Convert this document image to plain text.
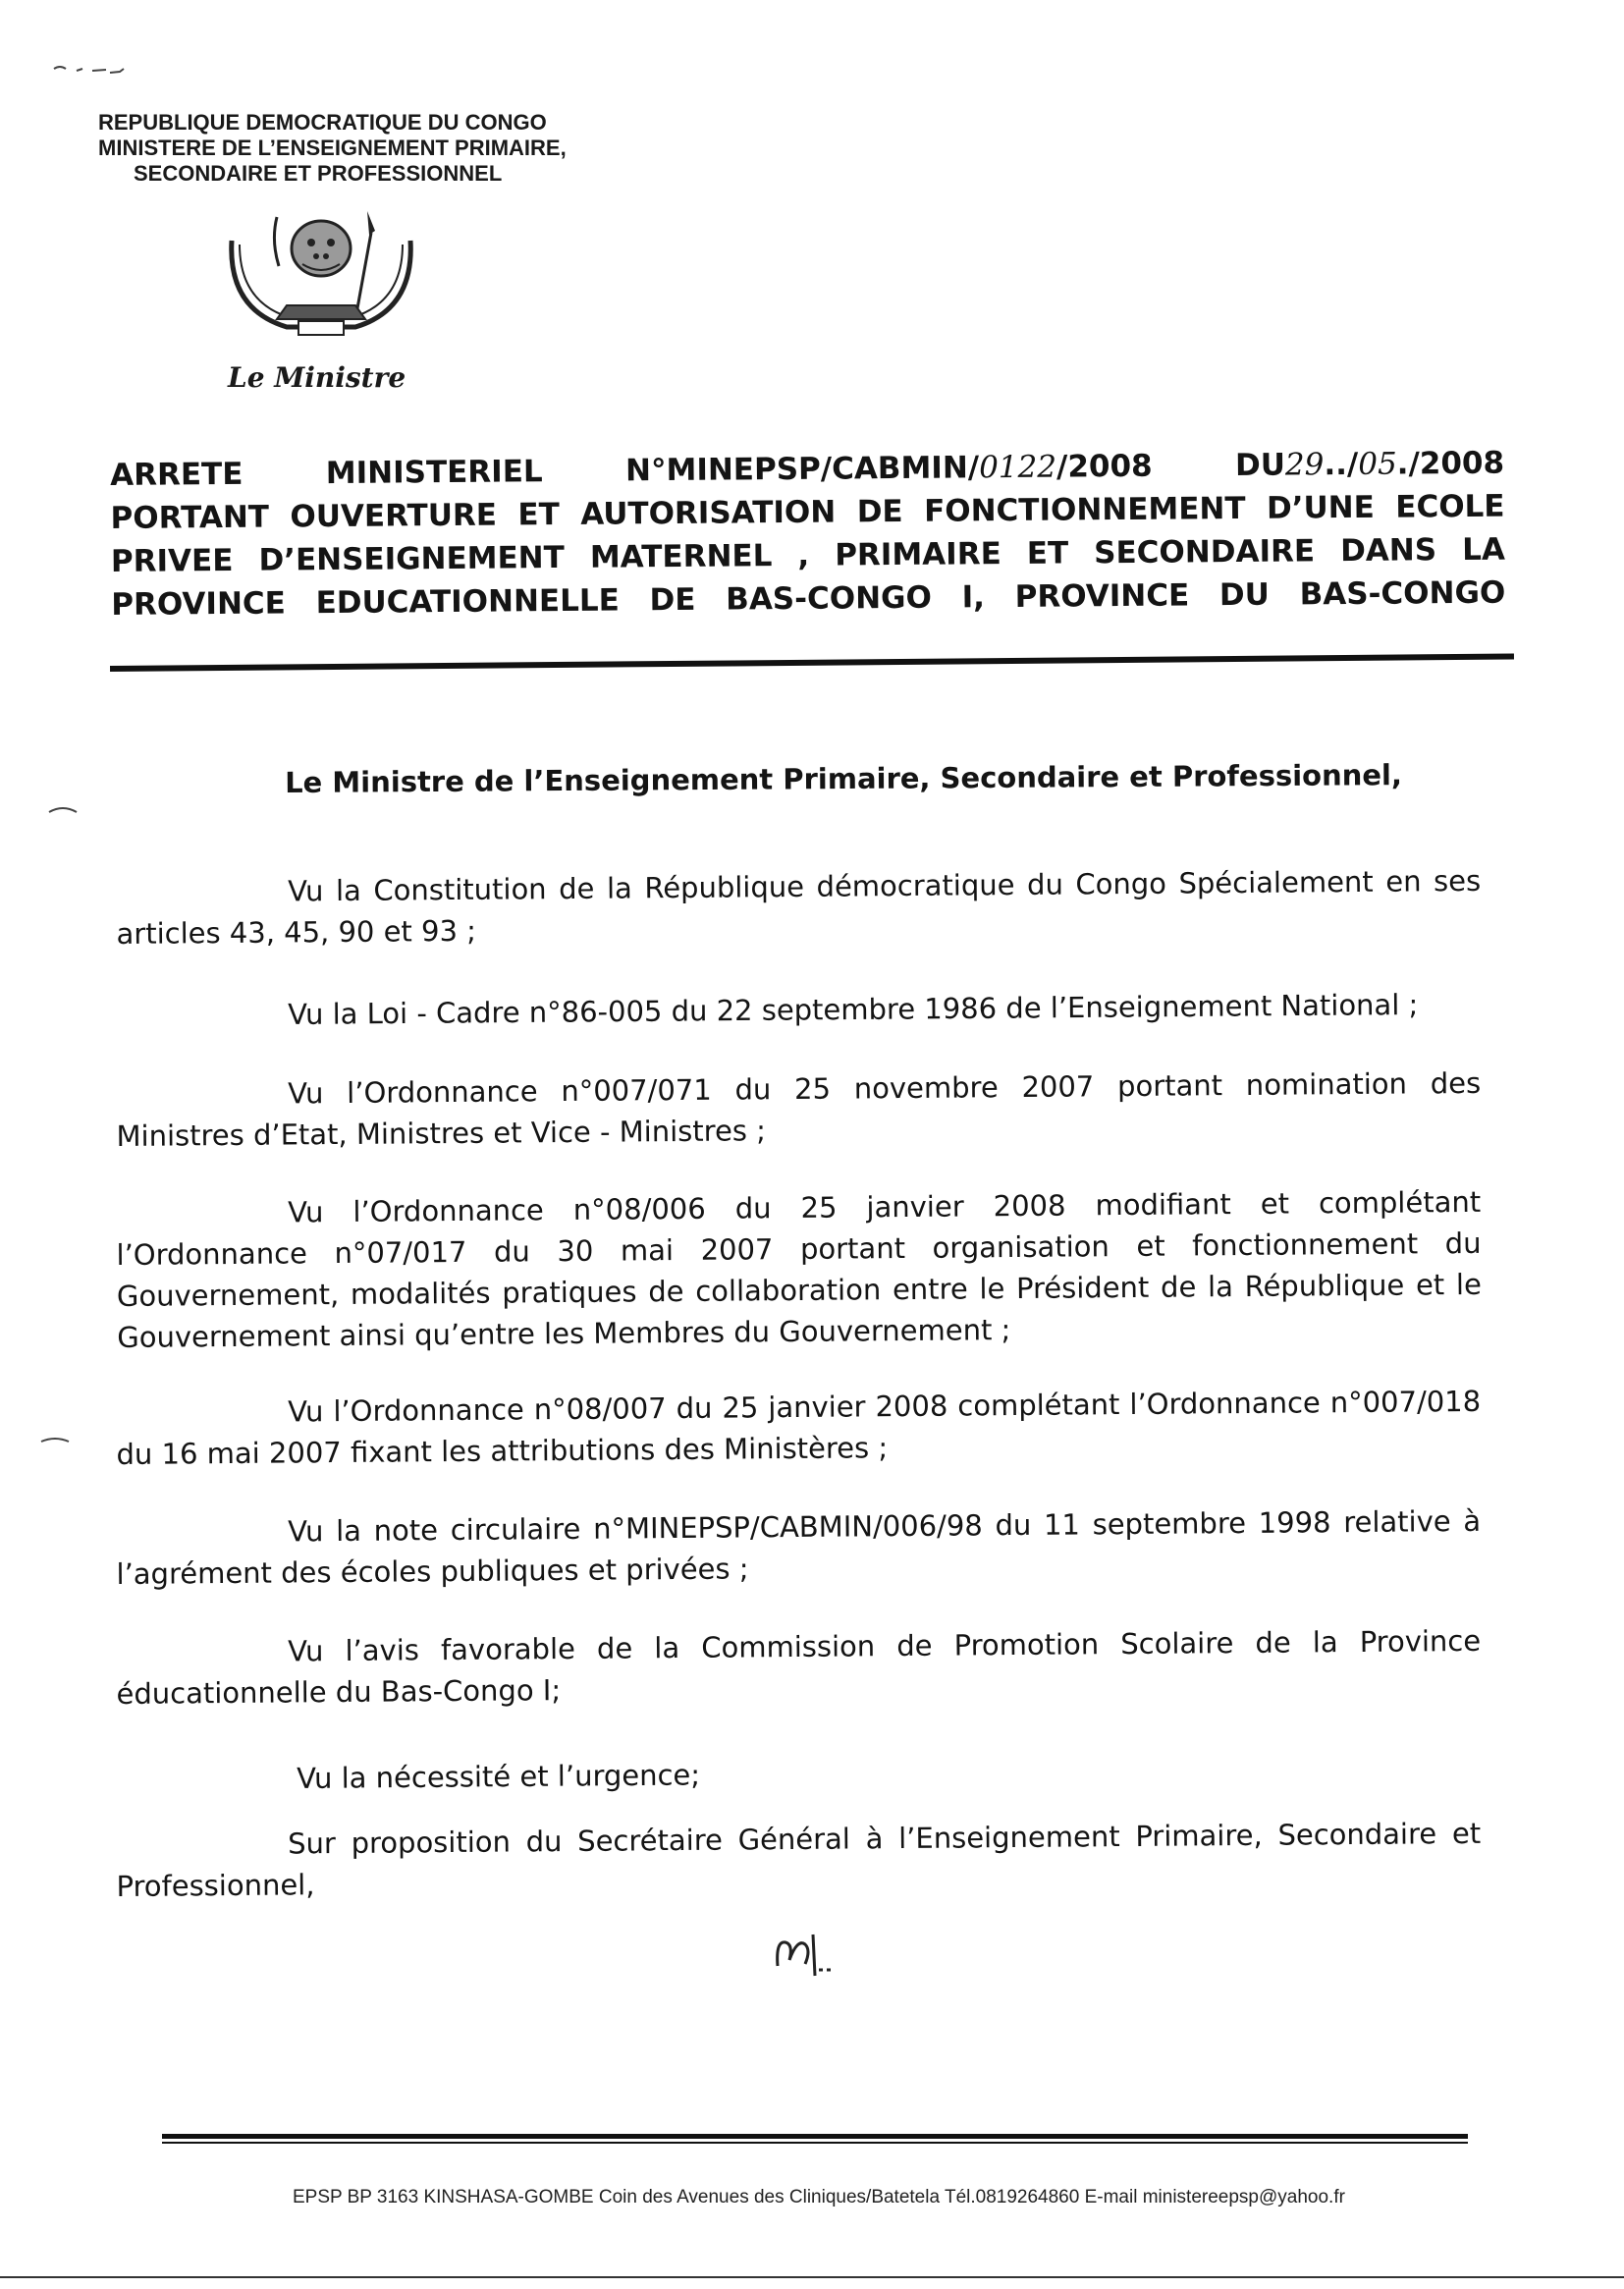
REPUBLIQUE DEMOCRATIQUE DU CONGO
MINISTERE DE L’ENSEIGNEMENT PRIMAIRE,
SECONDAIRE ET PROFESSIONNEL
Le Ministre
ARRETE	MINISTERIEL	N°MINEPSP/CABMIN/0122/2008	DU29../05./2008
PORTANT OUVERTURE ET AUTORISATION DE FONCTIONNEMENT D’UNE ECOLE
PRIVEE D’ENSEIGNEMENT MATERNEL , PRIMAIRE ET SECONDAIRE DANS LA
PROVINCE EDUCATIONNELLE DE BAS-CONGO I, PROVINCE DU BAS-CONGO
Le Ministre de l’Enseignement Primaire, Secondaire et Professionnel,
Vu la Constitution de la République démocratique du Congo Spécialement en ses articles 43, 45, 90 et 93 ;
Vu la Loi - Cadre n°86-005 du 22 septembre 1986 de l’Enseignement National ;
Vu l’Ordonnance n°007/071 du 25 novembre 2007 portant nomination des Ministres d’Etat, Ministres et Vice - Ministres ;
Vu l’Ordonnance n°08/006 du 25 janvier 2008 modifiant et complétant l’Ordonnance n°07/017 du 30 mai 2007 portant organisation et fonctionnement du Gouvernement, modalités pratiques de collaboration entre le Président de la République et le Gouvernement ainsi qu’entre les Membres du Gouvernement ;
Vu l’Ordonnance n°08/007 du 25 janvier 2008 complétant l’Ordonnance n°007/018 du 16 mai 2007 fixant les attributions des Ministères ;
Vu la note circulaire n°MINEPSP/CABMIN/006/98 du 11 septembre 1998 relative à l’agrément des écoles publiques et privées ;
Vu l’avis favorable de la Commission de Promotion Scolaire de la Province éducationnelle du Bas-Congo I;
Vu la nécessité et l’urgence;
Sur proposition du Secrétaire Général à l’Enseignement Primaire, Secondaire et Professionnel,
EPSP BP 3163 KINSHASA-GOMBE Coin des Avenues des Cliniques/Batetela Tél.0819264860 E-mail ministereepsp@yahoo.fr
